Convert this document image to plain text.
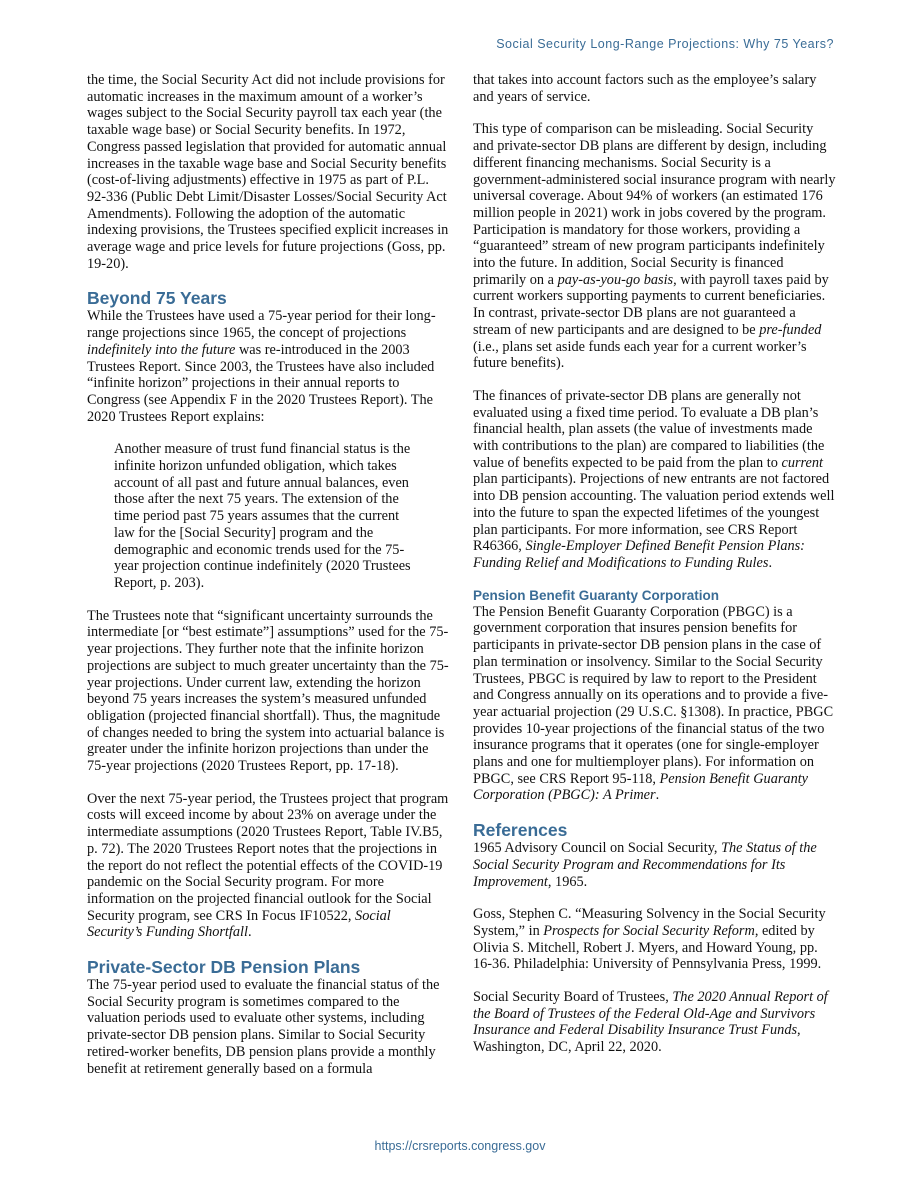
Social Security Long-Range Projections: Why 75 Years?

the time, the Social Security Act did not include provisions for automatic increases in the maximum amount of a worker’s wages subject to the Social Security payroll tax each year (the taxable wage base) or Social Security benefits. In 1972, Congress passed legislation that provided for automatic annual increases in the taxable wage base and Social Security benefits (cost-of-living adjustments) effective in 1975 as part of P.L. 92-336 (Public Debt Limit/Disaster Losses/Social Security Act Amendments). Following the adoption of the automatic indexing provisions, the Trustees specified explicit increases in average wage and price levels for future projections (Goss, pp. 19-20).

Beyond 75 Years

While the Trustees have used a 75-year period for their long-range projections since 1965, the concept of projections indefinitely into the future was re-introduced in the 2003 Trustees Report. Since 2003, the Trustees have also included “infinite horizon” projections in their annual reports to Congress (see Appendix F in the 2020 Trustees Report). The 2020 Trustees Report explains:

Another measure of trust fund financial status is the infinite horizon unfunded obligation, which takes account of all past and future annual balances, even those after the next 75 years. The extension of the time period past 75 years assumes that the current law for the [Social Security] program and the demographic and economic trends used for the 75-year projection continue indefinitely (2020 Trustees Report, p. 203).

The Trustees note that “significant uncertainty surrounds the intermediate [or “best estimate”] assumptions” used for the 75-year projections. They further note that the infinite horizon projections are subject to much greater uncertainty than the 75-year projections. Under current law, extending the horizon beyond 75 years increases the system’s measured unfunded obligation (projected financial shortfall). Thus, the magnitude of changes needed to bring the system into actuarial balance is greater under the infinite horizon projections than under the 75-year projections (2020 Trustees Report, pp. 17-18).

Over the next 75-year period, the Trustees project that program costs will exceed income by about 23% on average under the intermediate assumptions (2020 Trustees Report, Table IV.B5, p. 72). The 2020 Trustees Report notes that the projections in the report do not reflect the potential effects of the COVID-19 pandemic on the Social Security program. For more information on the projected financial outlook for the Social Security program, see CRS In Focus IF10522, Social Security’s Funding Shortfall.

Private-Sector DB Pension Plans

The 75-year period used to evaluate the financial status of the Social Security program is sometimes compared to the valuation periods used to evaluate other systems, including private-sector DB pension plans. Similar to Social Security retired-worker benefits, DB pension plans provide a monthly benefit at retirement generally based on a formula

that takes into account factors such as the employee’s salary and years of service.

This type of comparison can be misleading. Social Security and private-sector DB plans are different by design, including different financing mechanisms. Social Security is a government-administered social insurance program with nearly universal coverage. About 94% of workers (an estimated 176 million people in 2021) work in jobs covered by the program. Participation is mandatory for those workers, providing a “guaranteed” stream of new program participants indefinitely into the future. In addition, Social Security is financed primarily on a pay-as-you-go basis, with payroll taxes paid by current workers supporting payments to current beneficiaries. In contrast, private-sector DB plans are not guaranteed a stream of new participants and are designed to be pre-funded (i.e., plans set aside funds each year for a current worker’s future benefits).

The finances of private-sector DB plans are generally not evaluated using a fixed time period. To evaluate a DB plan’s financial health, plan assets (the value of investments made with contributions to the plan) are compared to liabilities (the value of benefits expected to be paid from the plan to current plan participants). Projections of new entrants are not factored into DB pension accounting. The valuation period extends well into the future to span the expected lifetimes of the youngest plan participants. For more information, see CRS Report R46366, Single-Employer Defined Benefit Pension Plans: Funding Relief and Modifications to Funding Rules.

Pension Benefit Guaranty Corporation

The Pension Benefit Guaranty Corporation (PBGC) is a government corporation that insures pension benefits for participants in private-sector DB pension plans in the case of plan termination or insolvency. Similar to the Social Security Trustees, PBGC is required by law to report to the President and Congress annually on its operations and to provide a five-year actuarial projection (29 U.S.C. §1308). In practice, PBGC provides 10-year projections of the financial status of the two insurance programs that it operates (one for single-employer plans and one for multiemployer plans). For information on PBGC, see CRS Report 95-118, Pension Benefit Guaranty Corporation (PBGC): A Primer.

References

1965 Advisory Council on Social Security, The Status of the Social Security Program and Recommendations for Its Improvement, 1965.

Goss, Stephen C. “Measuring Solvency in the Social Security System,” in Prospects for Social Security Reform, edited by Olivia S. Mitchell, Robert J. Myers, and Howard Young, pp. 16-36. Philadelphia: University of Pennsylvania Press, 1999.

Social Security Board of Trustees, The 2020 Annual Report of the Board of Trustees of the Federal Old-Age and Survivors Insurance and Federal Disability Insurance Trust Funds, Washington, DC, April 22, 2020.

https://crsreports.congress.gov
